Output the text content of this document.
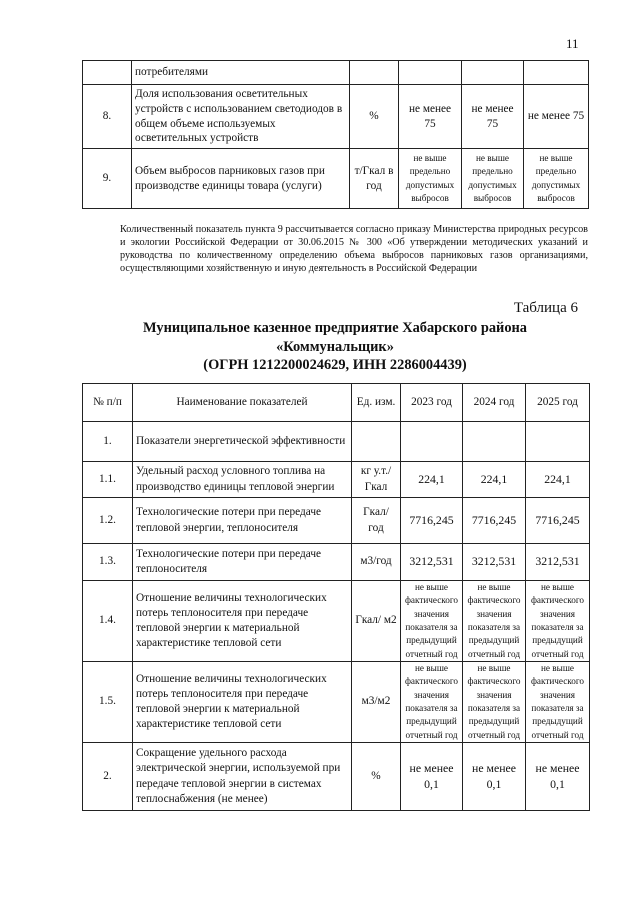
11
	потребителями				
8.	Доля использования осветительных устройств с использованием светодиодов в общем объеме используемых осветительных устройств	%	не менее 75	не менее 75	не менее 75
9.	Объем выбросов парниковых газов при производстве единицы товара (услуги)	т/Гкал в год	не выше предельно допустимых выбросов	не выше предельно допустимых выбросов	не выше предельно допустимых выбросов
Количественный показатель пункта 9 рассчитывается согласно приказу Министерства природных ресурсов и экологии Российской Федерации от 30.06.2015 № 300 «Об утверждении методических указаний и руководства по количественному определению объема выбросов парниковых газов организациями, осуществляющими хозяйственную и иную деятельность в Российской Федерации
Таблица 6
Муниципальное казенное предприятие Хабарского района
«Коммунальщик»
(ОГРН 1212200024629, ИНН 2286004439)
№ п/п	Наименование показателей	Ед. изм.	2023 год	2024 год	2025 год
1.	Показатели энергетической эффективности				
1.1.	Удельный расход условного топлива на производство единицы тепловой энергии	кг у.т./ Гкал	224,1	224,1	224,1
1.2.	Технологические потери при передаче тепловой энергии, теплоносителя	Гкал/ год	7716,245	7716,245	7716,245
1.3.	Технологические потери при передаче теплоносителя	м3/год	3212,531	3212,531	3212,531
1.4.	Отношение величины технологических потерь теплоносителя при передаче тепловой энергии к материальной характеристике тепловой сети	Гкал/ м2	не выше фактического значения показателя за предыдущий отчетный год	не выше фактического значения показателя за предыдущий отчетный год	не выше фактического значения показателя за предыдущий отчетный год
1.5.	Отношение величины технологических потерь теплоносителя при передаче тепловой энергии к материальной характеристике тепловой сети	м3/м2	не выше фактического значения показателя за предыдущий отчетный год	не выше фактического значения показателя за предыдущий отчетный год	не выше фактического значения показателя за предыдущий отчетный год
2.	Сокращение удельного расхода электрической энергии, используемой при передаче тепловой энергии в системах теплоснабжения (не менее)	%	не менее 0,1	не менее 0,1	не менее 0,1
